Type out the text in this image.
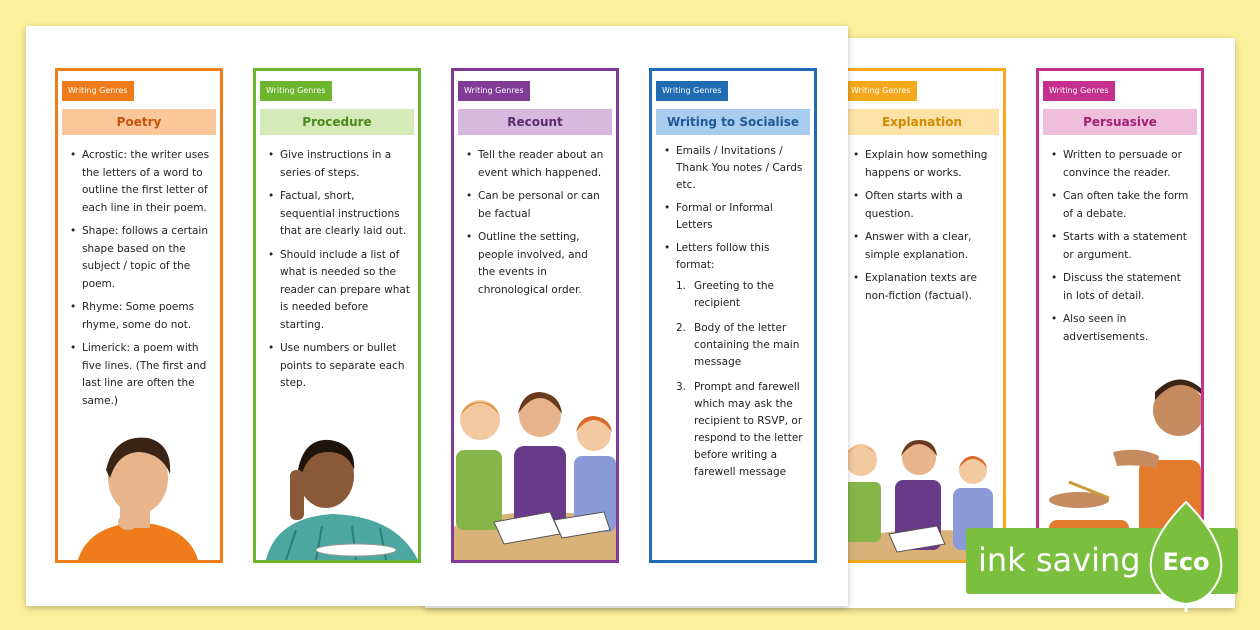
Writing Genres
Explanation
• Explain how something happens or works.
• Often starts with a question.
• Answer with a clear, simple explanation.
• Explanation texts are non-fiction (factual).
Writing Genres
Persuasive
• Written to persuade or convince the reader.
• Can often take the form of a debate.
• Starts with a statement or argument.
• Discuss the statement in lots of detail.
• Also seen in advertisements.
Writing Genres
Poetry
• Acrostic: the writer uses the letters of a word to outline the first letter of each line in their poem.
• Shape: follows a certain shape based on the subject / topic of the poem.
• Rhyme: Some poems rhyme, some do not.
• Limerick: a poem with five lines. (The first and last line are often the same.)
Writing Genres
Procedure
• Give instructions in a series of steps.
• Factual, short, sequential instructions that are clearly laid out.
• Should include a list of what is needed so the reader can prepare what is needed before starting.
• Use numbers or bullet points to separate each step.
Writing Genres
Recount
• Tell the reader about an event which happened.
• Can be personal or can be factual
• Outline the setting, people involved, and the events in chronological order.
Writing Genres
Writing to Socialise
• Emails / Invitations / Thank You notes / Cards etc.
• Formal or Informal Letters
• Letters follow this format:
1. Greeting to the recipient
2. Body of the letter containing the main message
3. Prompt and farewell which may ask the recipient to RSVP, or respond to the letter before writing a farewell message
ink saving Eco
